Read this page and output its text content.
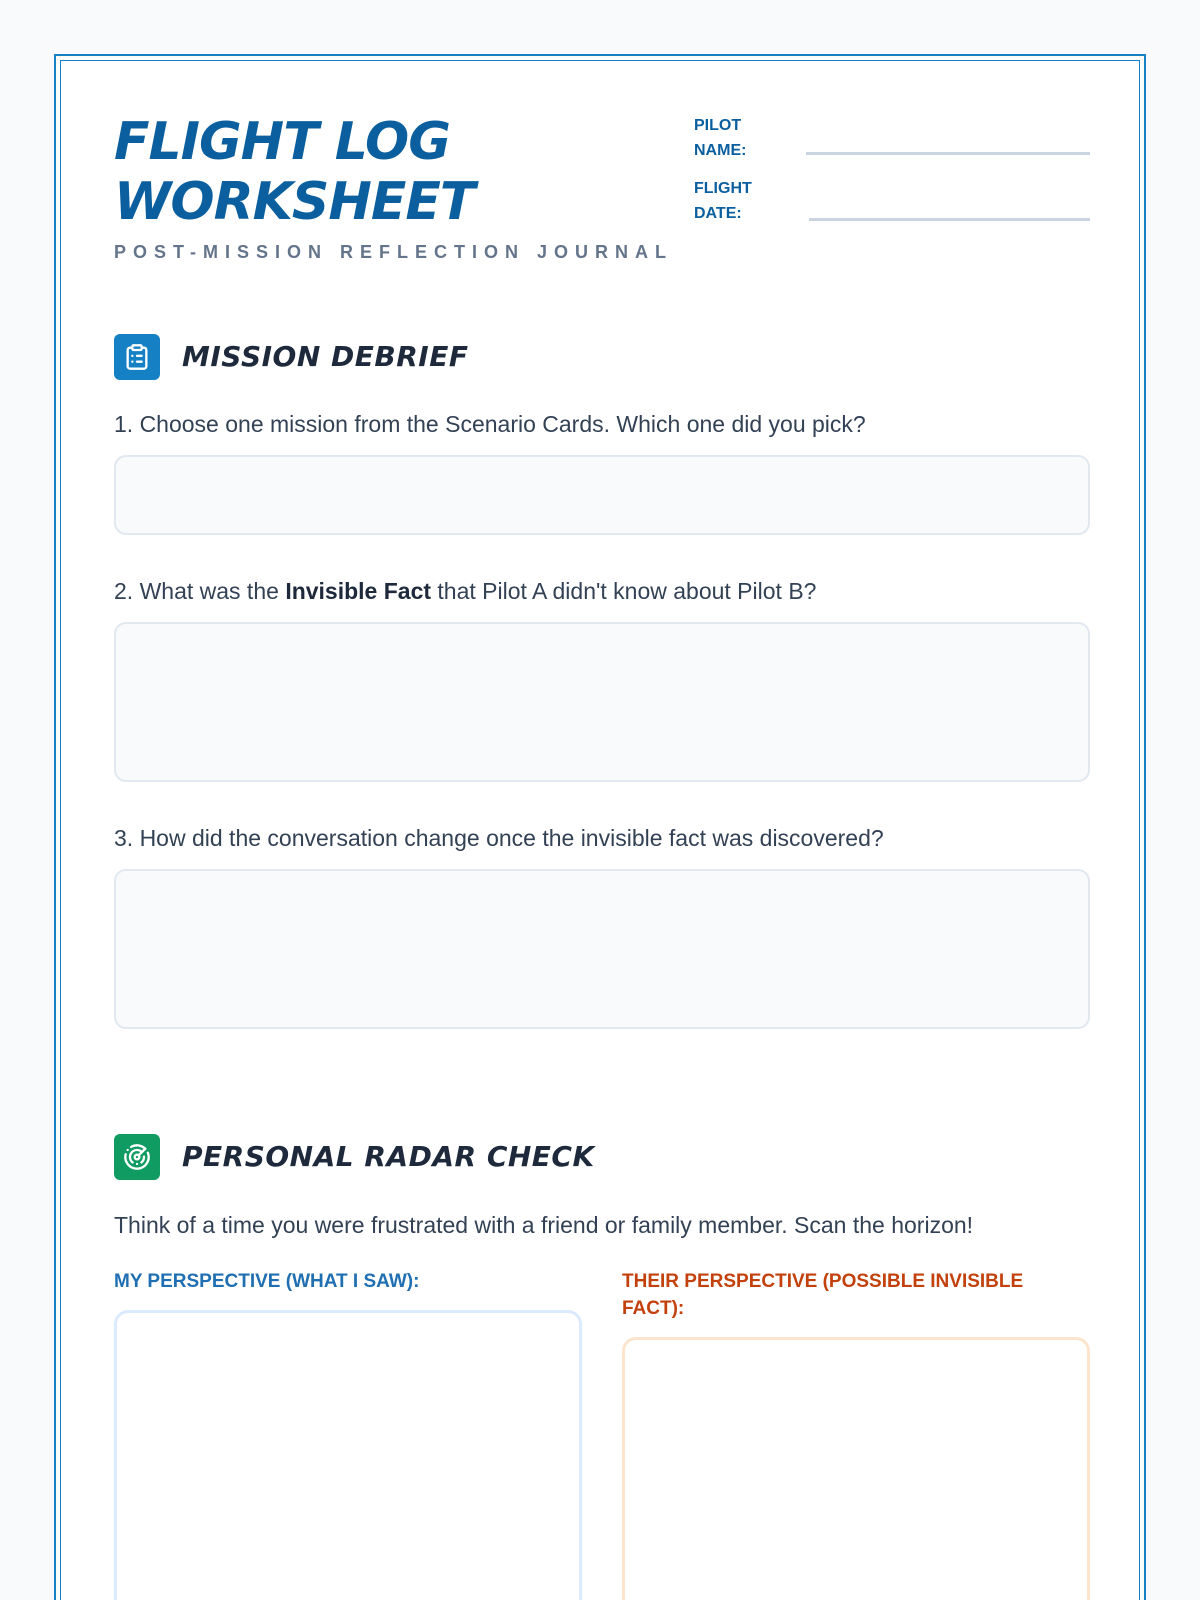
FLIGHT LOG
WORKSHEET
POST-MISSION REFLECTION JOURNAL
PILOT
NAME:
FLIGHT
DATE:
MISSION DEBRIEF
1. Choose one mission from the Scenario Cards. Which one did you pick?
2. What was the Invisible Fact that Pilot A didn't know about Pilot B?
3. How did the conversation change once the invisible fact was discovered?
PERSONAL RADAR CHECK
Think of a time you were frustrated with a friend or family member. Scan the horizon!
MY PERSPECTIVE (WHAT I SAW):	THEIR PERSPECTIVE (POSSIBLE INVISIBLE FACT):
